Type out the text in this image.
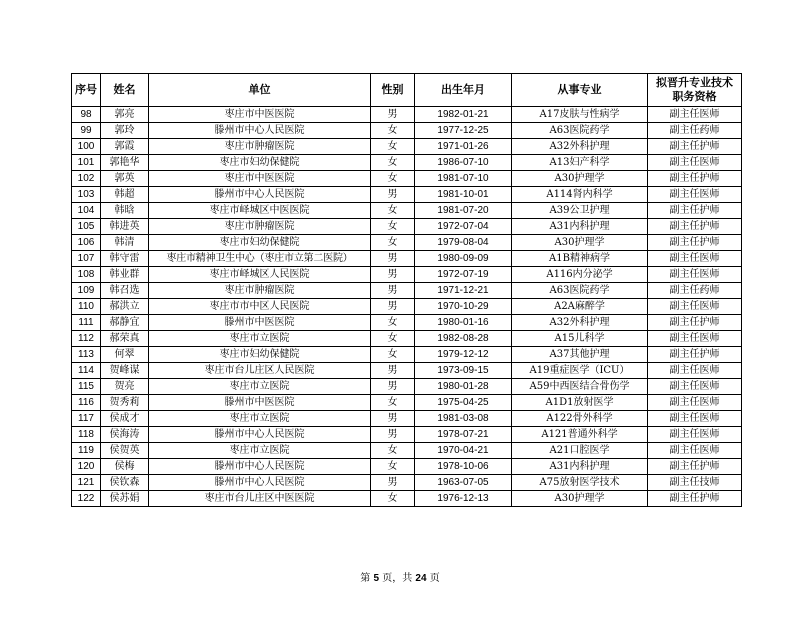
序号	姓名	单位	性别	出生年月	从事专业	拟晋升专业技术职务资格
98	郭亮	枣庄市中医医院	男	1982-01-21	A17皮肤与性病学	副主任医师
99	郭玲	滕州市中心人民医院	女	1977-12-25	A63医院药学	副主任药师
100	郭霞	枣庄市肿瘤医院	女	1971-01-26	A32外科护理	副主任护师
101	郭艳华	枣庄市妇幼保健院	女	1986-07-10	A13妇产科学	副主任医师
102	郭英	枣庄市中医医院	女	1981-07-10	A30护理学	副主任护师
103	韩超	滕州市中心人民医院	男	1981-10-01	A114肾内科学	副主任医师
104	韩晗	枣庄市峄城区中医医院	女	1981-07-20	A39公卫护理	副主任护师
105	韩进英	枣庄市肿瘤医院	女	1972-07-04	A31内科护理	副主任护师
106	韩清	枣庄市妇幼保健院	女	1979-08-04	A30护理学	副主任护师
107	韩守雷	枣庄市精神卫生中心（枣庄市立第二医院）	男	1980-09-09	A1B精神病学	副主任医师
108	韩业群	枣庄市峄城区人民医院	男	1972-07-19	A116内分泌学	副主任医师
109	韩召选	枣庄市肿瘤医院	男	1971-12-21	A63医院药学	副主任药师
110	郝洪立	枣庄市市中区人民医院	男	1970-10-29	A2A麻醉学	副主任医师
111	郝静宜	滕州市中医医院	女	1980-01-16	A32外科护理	副主任护师
112	郝荣真	枣庄市立医院	女	1982-08-28	A15儿科学	副主任医师
113	何翠	枣庄市妇幼保健院	女	1979-12-12	A37其他护理	副主任护师
114	贺峰谋	枣庄市台儿庄区人民医院	男	1973-09-15	A19重症医学（ICU）	副主任医师
115	贺亮	枣庄市立医院	男	1980-01-28	A59中西医结合骨伤学	副主任医师
116	贺秀莉	滕州市中医医院	女	1975-04-25	A1D1放射医学	副主任医师
117	侯成才	枣庄市立医院	男	1981-03-08	A122骨外科学	副主任医师
118	侯海涛	滕州市中心人民医院	男	1978-07-21	A121普通外科学	副主任医师
119	侯贺英	枣庄市立医院	女	1970-04-21	A21口腔医学	副主任医师
120	侯梅	滕州市中心人民医院	女	1978-10-06	A31内科护理	副主任护师
121	侯钦森	滕州市中心人民医院	男	1963-07-05	A75放射医学技术	副主任技师
122	侯苏娟	枣庄市台儿庄区中医医院	女	1976-12-13	A30护理学	副主任护师
第 5 页，共 24 页
